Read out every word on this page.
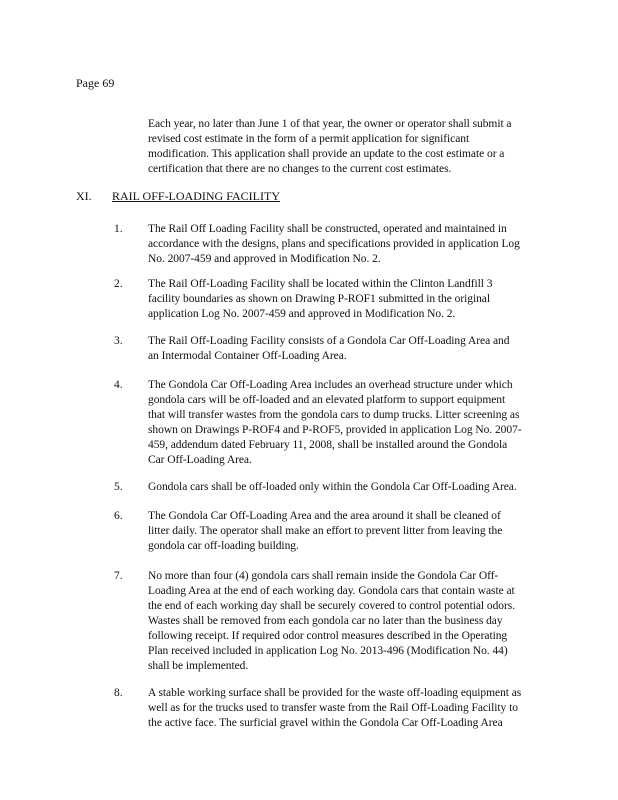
Page 69
Each year, no later than June 1 of that year, the owner or operator shall submit a
revised cost estimate in the form of a permit application for significant
modification. This application shall provide an update to the cost estimate or a
certification that there are no changes to the current cost estimates.
XI. RAIL OFF-LOADING FACILITY
1. The Rail Off Loading Facility shall be constructed, operated and maintained in
accordance with the designs, plans and specifications provided in application Log
No. 2007-459 and approved in Modification No. 2.
2. The Rail Off-Loading Facility shall be located within the Clinton Landfill 3
facility boundaries as shown on Drawing P-ROF1 submitted in the original
application Log No. 2007-459 and approved in Modification No. 2.
3. The Rail Off-Loading Facility consists of a Gondola Car Off-Loading Area and
an Intermodal Container Off-Loading Area.
4. The Gondola Car Off-Loading Area includes an overhead structure under which
gondola cars will be off-loaded and an elevated platform to support equipment
that will transfer wastes from the gondola cars to dump trucks. Litter screening as
shown on Drawings P-ROF4 and P-ROF5, provided in application Log No. 2007-
459, addendum dated February 11, 2008, shall be installed around the Gondola
Car Off-Loading Area.
5. Gondola cars shall be off-loaded only within the Gondola Car Off-Loading Area.
6. The Gondola Car Off-Loading Area and the area around it shall be cleaned of
litter daily. The operator shall make an effort to prevent litter from leaving the
gondola car off-loading building.
7. No more than four (4) gondola cars shall remain inside the Gondola Car Off-
Loading Area at the end of each working day. Gondola cars that contain waste at
the end of each working day shall be securely covered to control potential odors.
Wastes shall be removed from each gondola car no later than the business day
following receipt. If required odor control measures described in the Operating
Plan received included in application Log No. 2013-496 (Modification No. 44)
shall be implemented.
8. A stable working surface shall be provided for the waste off-loading equipment as
well as for the trucks used to transfer waste from the Rail Off-Loading Facility to
the active face. The surficial gravel within the Gondola Car Off-Loading Area
